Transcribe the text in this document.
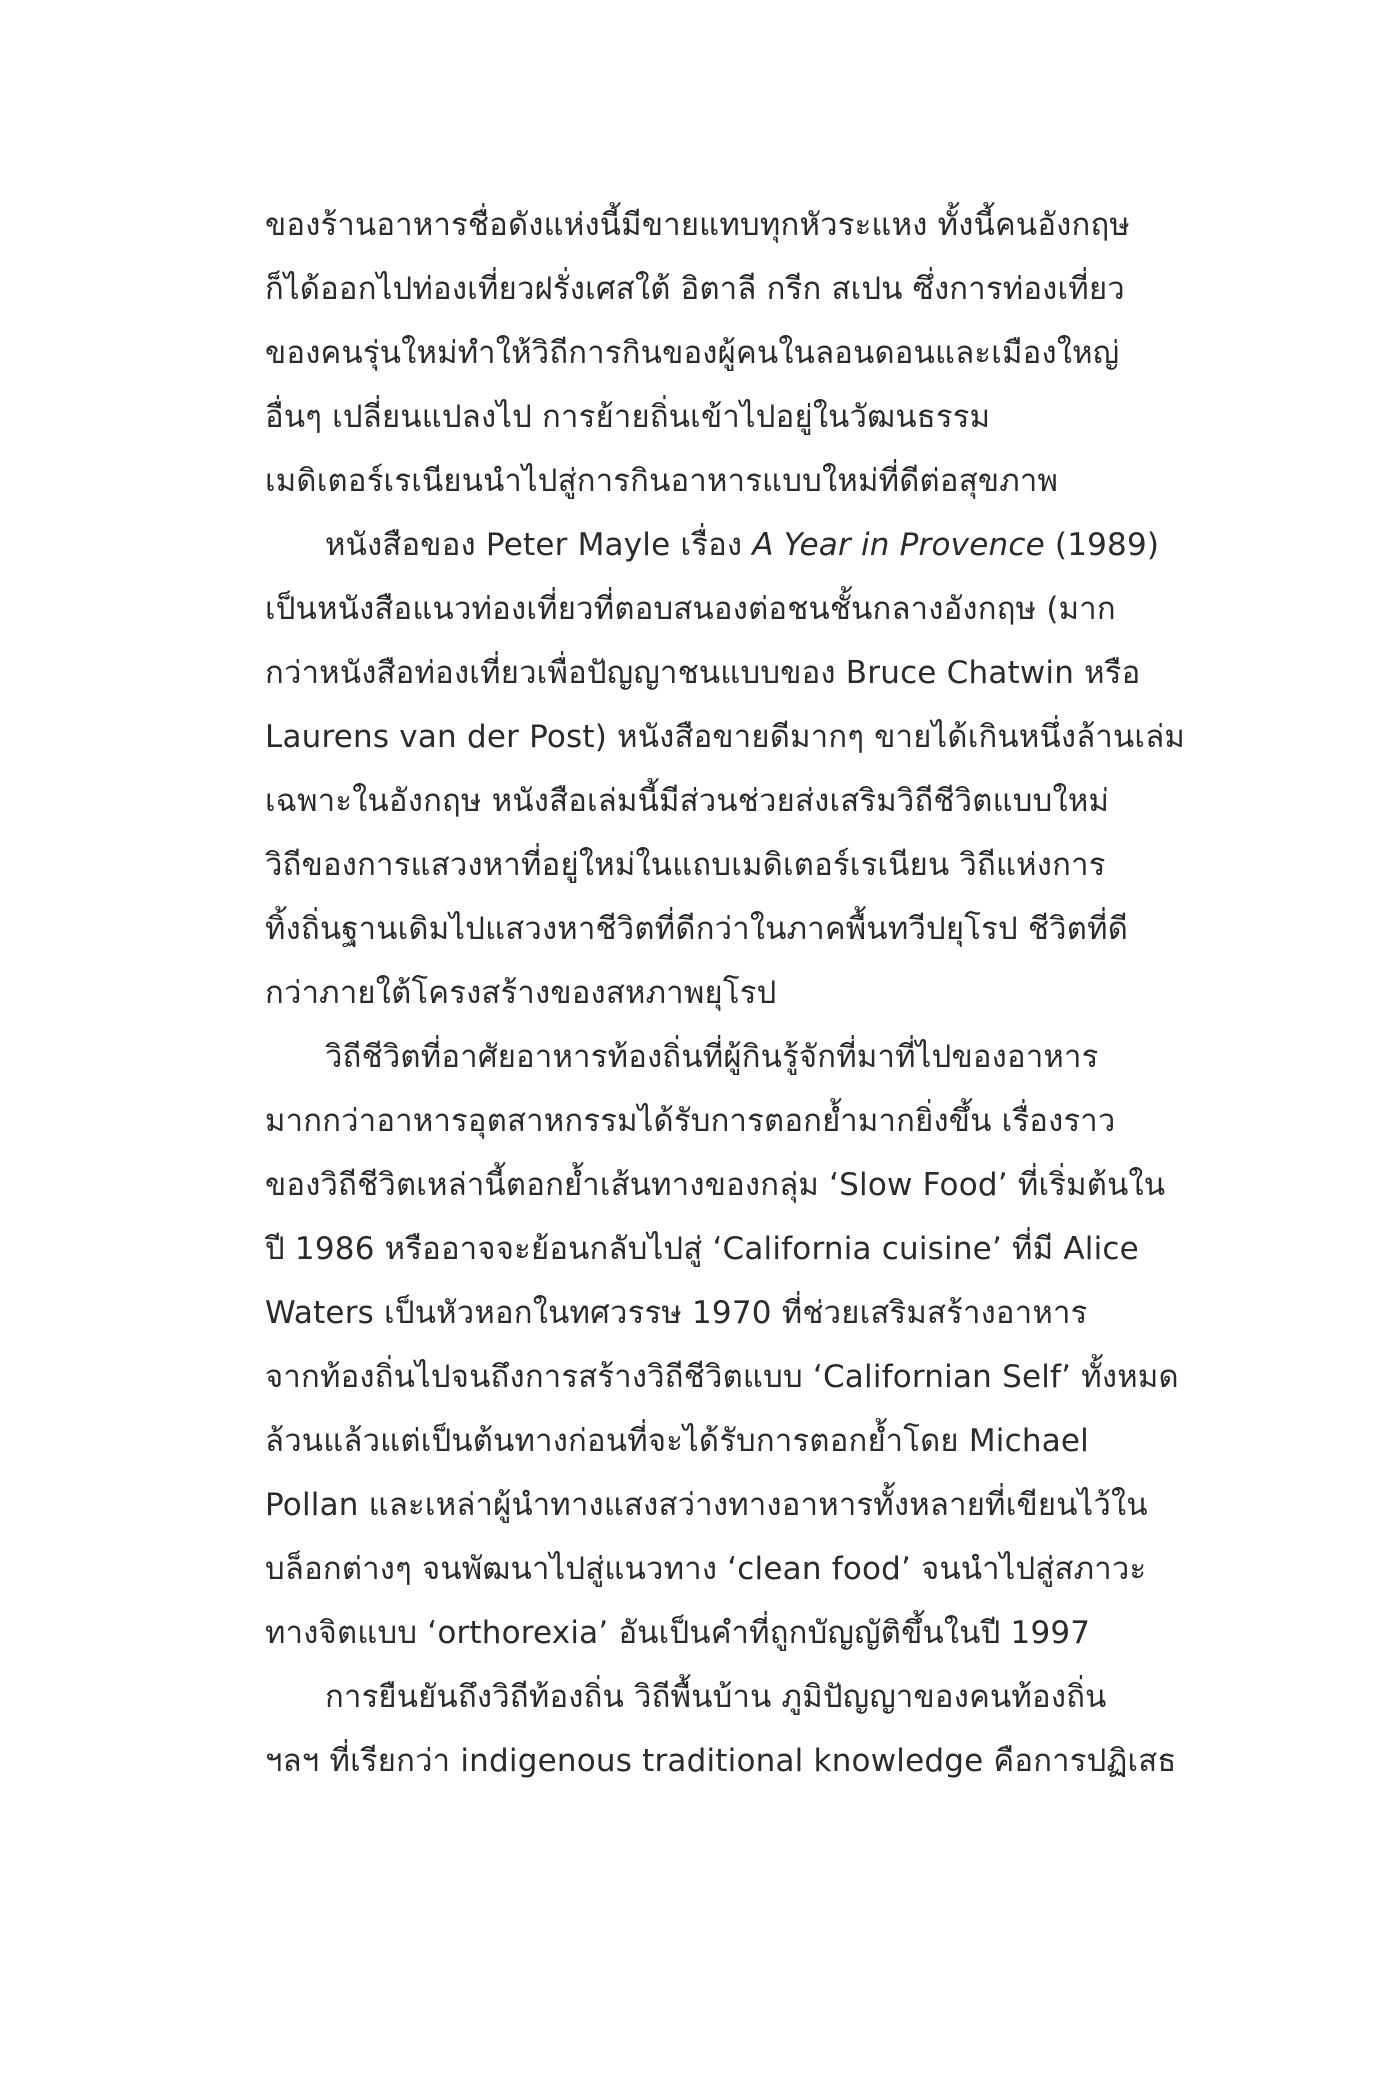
ของร้านอาหารชื่อดังแห่งนี้มีขายแทบทุกหัวระแหง ทั้งนี้คนอังกฤษ
ก็ได้ออกไปท่องเที่ยวฝรั่งเศสใต้ อิตาลี กรีก สเปน ซึ่งการท่องเที่ยว
ของคนรุ่นใหม่ทำให้วิถีการกินของผู้คนในลอนดอนและเมืองใหญ่
อื่นๆ เปลี่ยนแปลงไป การย้ายถิ่นเข้าไปอยู่ในวัฒนธรรม
เมดิเตอร์เรเนียนนำไปสู่การกินอาหารแบบใหม่ที่ดีต่อสุขภาพ
หนังสือของ Peter Mayle เรื่อง A Year in Provence (1989)
เป็นหนังสือแนวท่องเที่ยวที่ตอบสนองต่อชนชั้นกลางอังกฤษ (มาก
กว่าหนังสือท่องเที่ยวเพื่อปัญญาชนแบบของ Bruce Chatwin หรือ
Laurens van der Post) หนังสือขายดีมากๆ ขายได้เกินหนึ่งล้านเล่ม
เฉพาะในอังกฤษ หนังสือเล่มนี้มีส่วนช่วยส่งเสริมวิถีชีวิตแบบใหม่
วิถีของการแสวงหาที่อยู่ใหม่ในแถบเมดิเตอร์เรเนียน วิถีแห่งการ
ทิ้งถิ่นฐานเดิมไปแสวงหาชีวิตที่ดีกว่าในภาคพื้นทวีปยุโรป ชีวิตที่ดี
กว่าภายใต้โครงสร้างของสหภาพยุโรป
วิถีชีวิตที่อาศัยอาหารท้องถิ่นที่ผู้กินรู้จักที่มาที่ไปของอาหาร
มากกว่าอาหารอุตสาหกรรมได้รับการตอกย้ำมากยิ่งขึ้น เรื่องราว
ของวิถีชีวิตเหล่านี้ตอกย้ำเส้นทางของกลุ่ม ‘Slow Food’ ที่เริ่มต้นใน
ปี 1986 หรืออาจจะย้อนกลับไปสู่ ‘California cuisine’ ที่มี Alice
Waters เป็นหัวหอกในทศวรรษ 1970 ที่ช่วยเสริมสร้างอาหาร
จากท้องถิ่นไปจนถึงการสร้างวิถีชีวิตแบบ ‘Californian Self’ ทั้งหมด
ล้วนแล้วแต่เป็นต้นทางก่อนที่จะได้รับการตอกย้ำโดย Michael
Pollan และเหล่าผู้นำทางแสงสว่างทางอาหารทั้งหลายที่เขียนไว้ใน
บล็อกต่างๆ จนพัฒนาไปสู่แนวทาง ‘clean food’ จนนำไปสู่สภาวะ
ทางจิตแบบ ‘orthorexia’ อันเป็นคำที่ถูกบัญญัติขึ้นในปี 1997
การยืนยันถึงวิถีท้องถิ่น วิถีพื้นบ้าน ภูมิปัญญาของคนท้องถิ่น
ฯลฯ ที่เรียกว่า indigenous traditional knowledge คือการปฏิเสธ
